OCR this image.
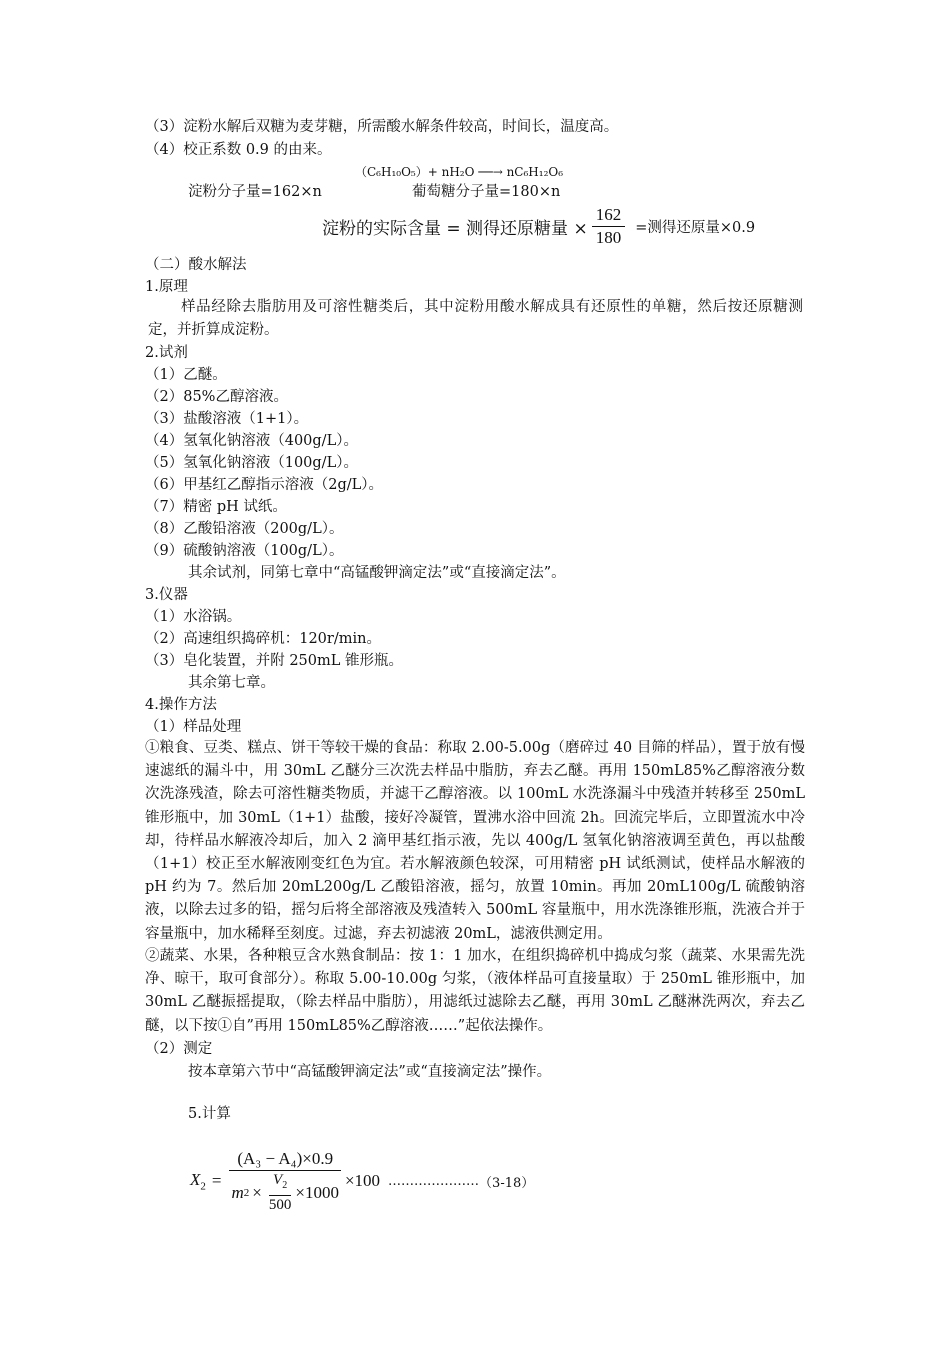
（3）淀粉水解后双糖为麦芽糖，所需酸水解条件较高，时间长，温度高。
（4）校正系数 0.9 的由来。
（C₆H₁₀O₅）+ nH₂O ──→ nC₆H₁₂O₆
淀粉分子量=162×n	葡萄糖分子量=180×n
淀粉的实际含量 = 测得还原糖量 × $\frac{162}{180}$ =测得还原量×0.9
（二）酸水解法
1.原理
样品经除去脂肪用及可溶性糖类后，其中淀粉用酸水解成具有还原性的单糖，然后按还原糖测定，并折算成淀粉。
2.试剂
（1）乙醚。
（2）85%乙醇溶液。
（3）盐酸溶液（1+1）。
（4）氢氧化钠溶液（400g/L）。
（5）氢氧化钠溶液（100g/L）。
（6）甲基红乙醇指示溶液（2g/L）。
（7）精密 pH 试纸。
（8）乙酸铅溶液（200g/L）。
（9）硫酸钠溶液（100g/L）。
其余试剂，同第七章中“高锰酸钾滴定法”或“直接滴定法”。
3.仪器
（1）水浴锅。
（2）高速组织捣碎机：120r/min。
（3）皂化装置，并附 250mL 锥形瓶。
其余第七章。
4.操作方法
（1）样品处理
①粮食、豆类、糕点、饼干等较干燥的食品：称取 2.00-5.00g（磨碎过 40 目筛的样品），置于放有慢速滤纸的漏斗中，用 30mL 乙醚分三次洗去样品中脂肪，弃去乙醚。再用 150mL85%乙醇溶液分数次洗涤残渣，除去可溶性糖类物质，并滤干乙醇溶液。以 100mL 水洗涤漏斗中残渣并转移至 250mL 锥形瓶中，加 30mL（1+1）盐酸，接好冷凝管，置沸水浴中回流 2h。回流完毕后，立即置流水中冷却，待样品水解液冷却后，加入 2 滴甲基红指示液，先以 400g/L 氢氧化钠溶液调至黄色，再以盐酸（1+1）校正至水解液刚变红色为宜。若水解液颜色较深，可用精密 pH 试纸测试，使样品水解液的 pH 约为 7。然后加 20mL200g/L 乙酸铅溶液，摇匀，放置 10min。再加 20mL100g/L 硫酸钠溶液，以除去过多的铅，摇匀后将全部溶液及残渣转入 500mL 容量瓶中，用水洗涤锥形瓶，洗液合并于容量瓶中，加水稀释至刻度。过滤，弃去初滤液 20mL，滤液供测定用。
②蔬菜、水果，各种粮豆含水熟食制品：按 1：1 加水，在组织捣碎机中捣成匀浆（蔬菜、水果需先洗净、晾干，取可食部分）。称取 5.00-10.00g 匀浆，（液体样品可直接量取）于 250mL 锥形瓶中，加 30mL 乙醚振摇提取，（除去样品中脂肪），用滤纸过滤除去乙醚，再用 30mL 乙醚淋洗两次，弃去乙醚，以下按①自”再用 150mL85%乙醇溶液……”起依法操作。
（2）测定
按本章第六节中“高锰酸钾滴定法”或“直接滴定法”操作。
5.计算
$X_2$ =
(A₃ − A₄)×0.9
m $2 \times \frac{V_2}{500} \times 1000$
×100 ………………… （3-18）
